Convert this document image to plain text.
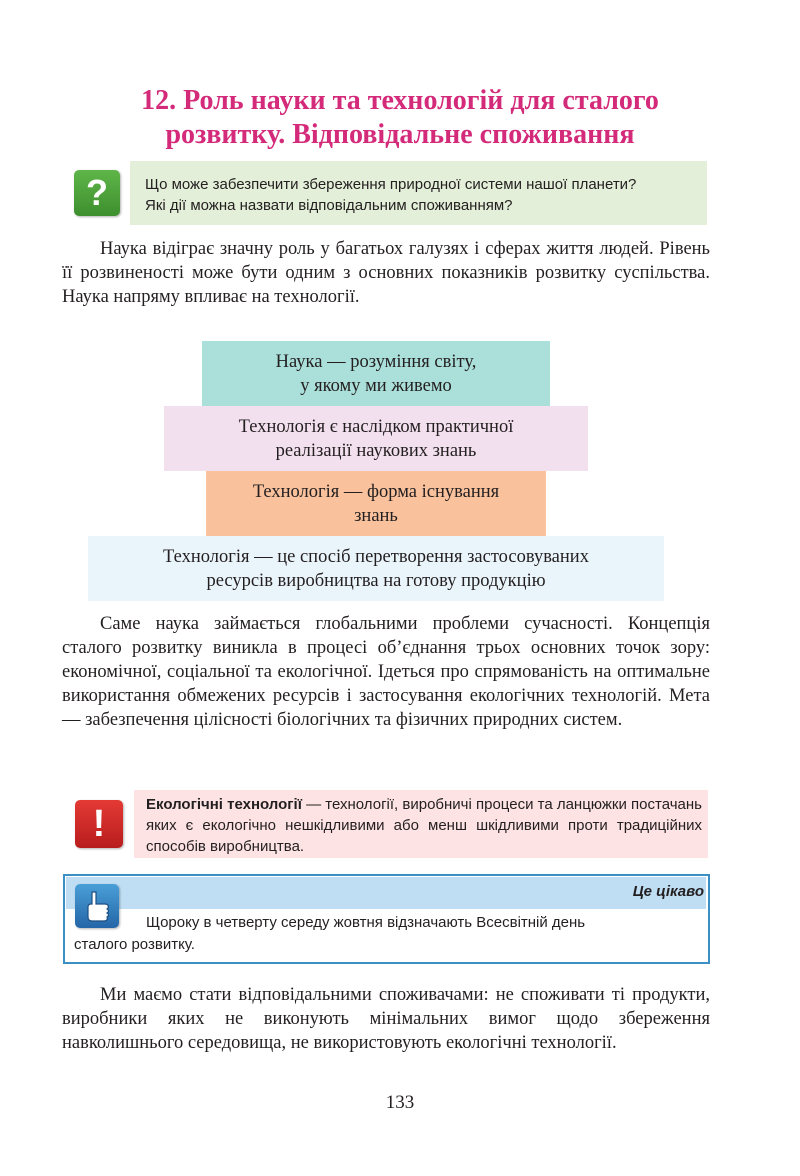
12. Роль науки та технологій для сталого
розвитку. Відповідальне споживання
?	Що може забезпечити збереження природної системи нашої планети?
Які дії можна назвати відповідальним споживанням?

Наука відіграє значну роль у багатьох галузях і сферах життя людей. Рівень її розвиненості може бути одним з основних показників розвитку суспільства. Наука напряму впливає на технології.

Наука — розуміння світу,
у якому ми живемо
Технологія є наслідком практичної
реалізації наукових знань
Технологія — форма існування
знань
Технологія — це спосіб перетворення застосовуваних
ресурсів виробництва на готову продукцію

Саме наука займається глобальними проблеми сучасності. Концепція сталого розвитку виникла в процесі об’єднання трьох основних точок зору: економічної, соціальної та екологічної. Ідеться про спрямованість на оптимальне використання обмежених ресурсів і застосування екологічних технологій. Мета — забезпечення цілісності біологічних та фізичних природних систем.

!	Екологічні технології — технології, виробничі процеси та ланцюжки постачань яких є екологічно нешкідливими або менш шкідливими проти традиційних способів виробництва.
Це цікаво
Щороку в четверту середу жовтня відзначають Всесвітній день
сталого розвитку.

Ми маємо стати відповідальними споживачами: не споживати ті продукти, виробники яких не виконують мінімальних вимог щодо збереження навколишнього середовища, не використовують екологічні технології.

133
